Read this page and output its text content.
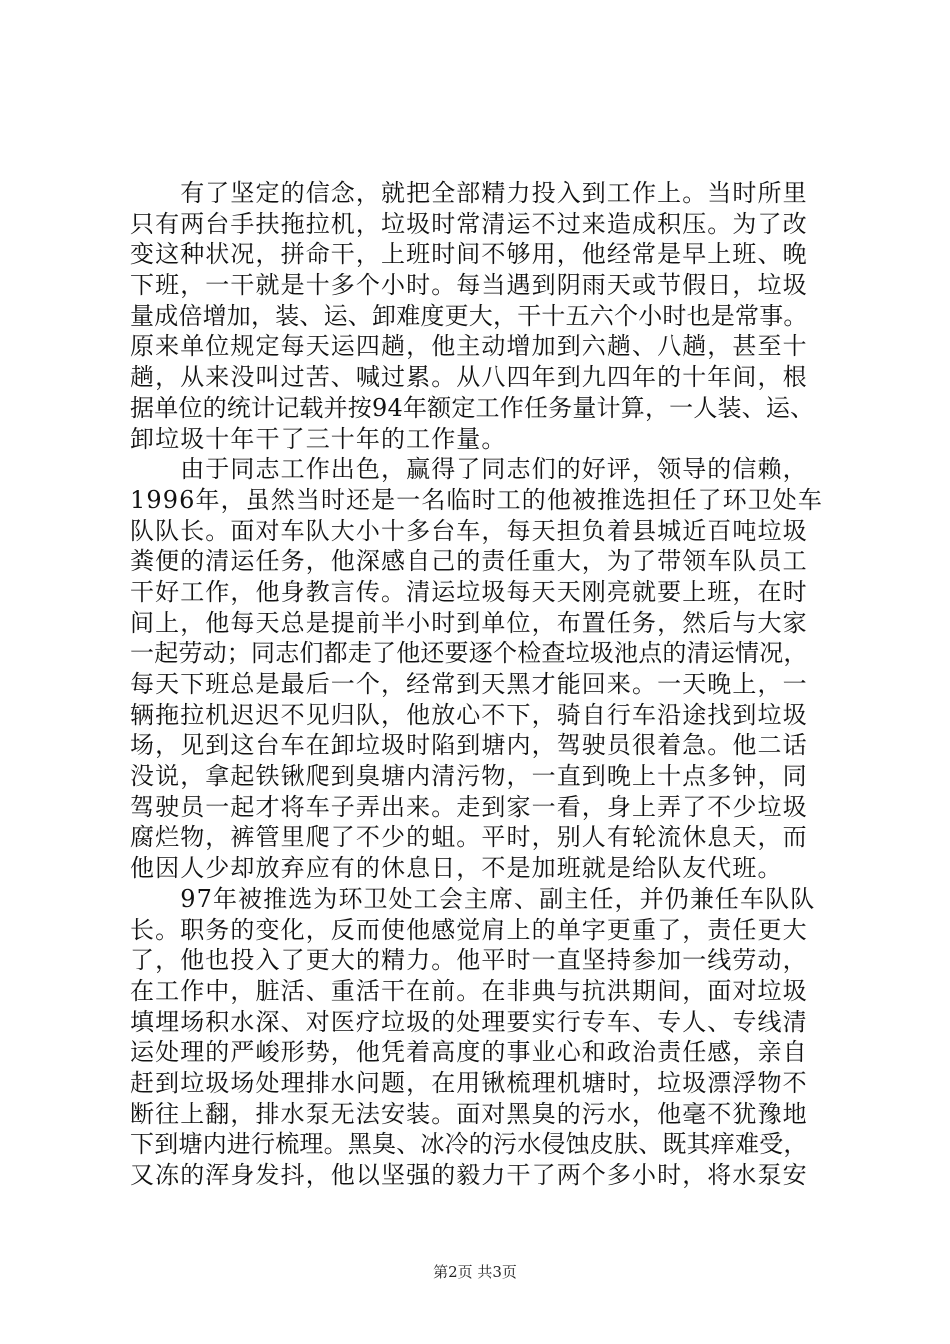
　　有了坚定的信念，就把全部精力投入到工作上。当时所里
只有两台手扶拖拉机，垃圾时常清运不过来造成积压。为了改
变这种状况，拼命干，上班时间不够用，他经常是早上班、晚
下班，一干就是十多个小时。每当遇到阴雨天或节假日，垃圾
量成倍增加，装、运、卸难度更大，干十五六个小时也是常事。
原来单位规定每天运四趟，他主动增加到六趟、八趟，甚至十
趟，从来没叫过苦、喊过累。从八四年到九四年的十年间，根
据单位的统计记载并按94年额定工作任务量计算，一人装、运、
卸垃圾十年干了三十年的工作量。
　　由于同志工作出色，赢得了同志们的好评，领导的信赖，
1996年，虽然当时还是一名临时工的他被推选担任了环卫处车
队队长。面对车队大小十多台车，每天担负着县城近百吨垃圾
粪便的清运任务，他深感自己的责任重大，为了带领车队员工
干好工作，他身教言传。清运垃圾每天天刚亮就要上班，在时
间上，他每天总是提前半小时到单位，布置任务，然后与大家
一起劳动；同志们都走了他还要逐个检查垃圾池点的清运情况，
每天下班总是最后一个，经常到天黑才能回来。一天晚上，一
辆拖拉机迟迟不见归队，他放心不下，骑自行车沿途找到垃圾
场，见到这台车在卸垃圾时陷到塘内，驾驶员很着急。他二话
没说，拿起铁锹爬到臭塘内清污物，一直到晚上十点多钟，同
驾驶员一起才将车子弄出来。走到家一看，身上弄了不少垃圾
腐烂物，裤管里爬了不少的蛆。平时，别人有轮流休息天，而
他因人少却放弃应有的休息日，不是加班就是给队友代班。
　　97年被推选为环卫处工会主席、副主任，并仍兼任车队队
长。职务的变化，反而使他感觉肩上的单字更重了，责任更大
了，他也投入了更大的精力。他平时一直坚持参加一线劳动，
在工作中，脏活、重活干在前。在非典与抗洪期间，面对垃圾
填埋场积水深、对医疗垃圾的处理要实行专车、专人、专线清
运处理的严峻形势，他凭着高度的事业心和政治责任感，亲自
赶到垃圾场处理排水问题，在用锹梳理机塘时，垃圾漂浮物不
断往上翻，排水泵无法安装。面对黑臭的污水，他毫不犹豫地
下到塘内进行梳理。黑臭、冰冷的污水侵蚀皮肤、既其痒难受，
又冻的浑身发抖，他以坚强的毅力干了两个多小时，将水泵安
第2页 共3页
